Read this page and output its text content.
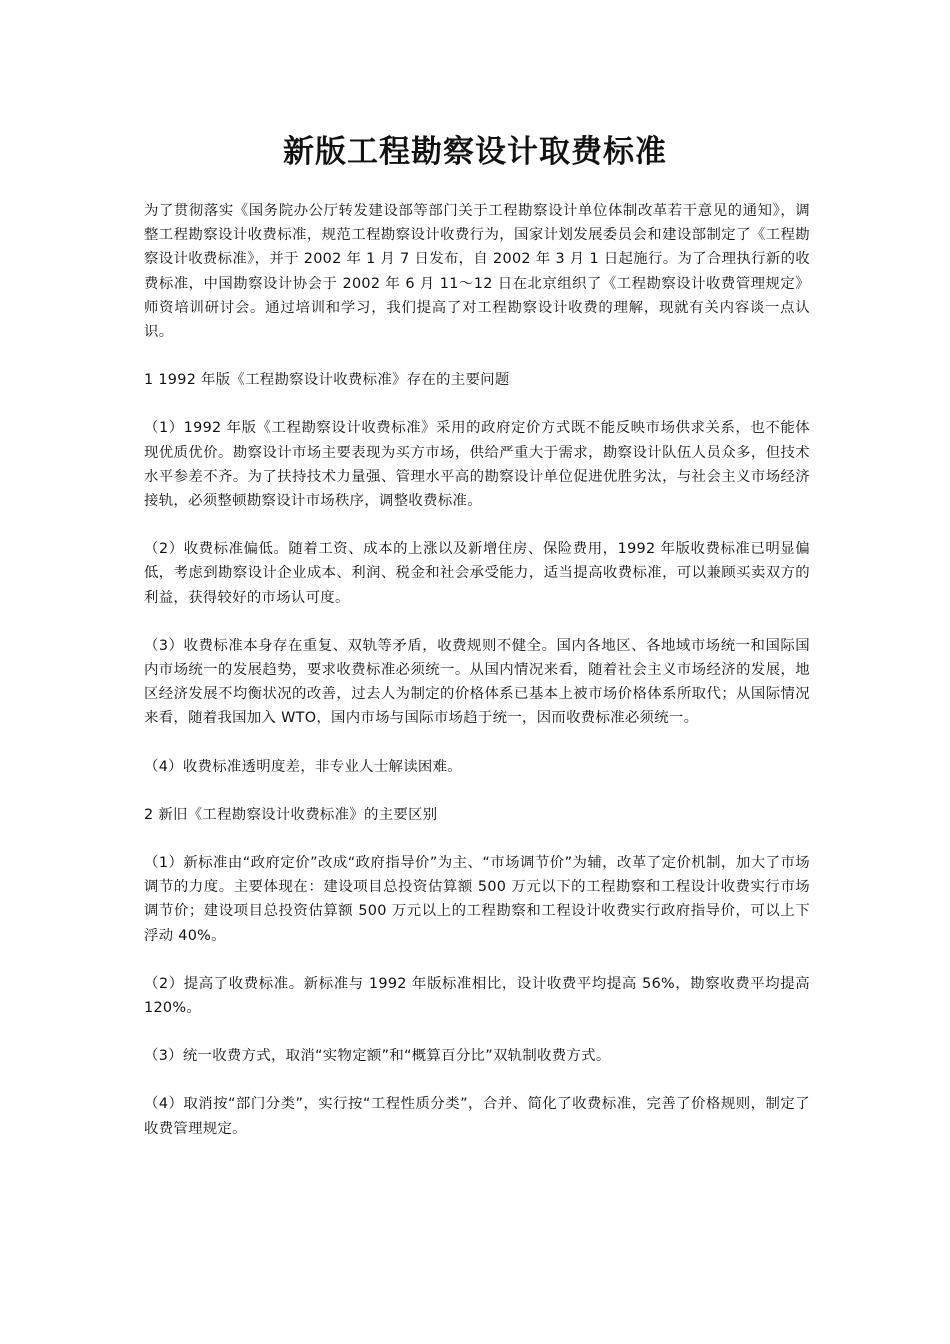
新版工程勘察设计取费标准

为了贯彻落实《国务院办公厅转发建设部等部门关于工程勘察设计单位体制改革若干意见的通知》，调整工程勘察设计收费标准，规范工程勘察设计收费行为，国家计划发展委员会和建设部制定了《工程勘察设计收费标准》，并于 2002 年 1 月 7 日发布，自 2002 年 3 月 1 日起施行。为了合理执行新的收费标准，中国勘察设计协会于 2002 年 6 月 11～12 日在北京组织了《工程勘察设计收费管理规定》师资培训研讨会。通过培训和学习，我们提高了对工程勘察设计收费的理解，现就有关内容谈一点认识。

1 1992 年版《工程勘察设计收费标准》存在的主要问题

（1）1992 年版《工程勘察设计收费标准》采用的政府定价方式既不能反映市场供求关系，也不能体现优质优价。勘察设计市场主要表现为买方市场，供给严重大于需求，勘察设计队伍人员众多，但技术水平参差不齐。为了扶持技术力量强、管理水平高的勘察设计单位促进优胜劣汰，与社会主义市场经济接轨，必须整顿勘察设计市场秩序，调整收费标准。

（2）收费标准偏低。随着工资、成本的上涨以及新增住房、保险费用，1992 年版收费标准已明显偏低，考虑到勘察设计企业成本、利润、税金和社会承受能力，适当提高收费标准，可以兼顾买卖双方的利益，获得较好的市场认可度。

（3）收费标准本身存在重复、双轨等矛盾，收费规则不健全。国内各地区、各地域市场统一和国际国内市场统一的发展趋势，要求收费标准必须统一。从国内情况来看，随着社会主义市场经济的发展，地区经济发展不均衡状况的改善，过去人为制定的价格体系已基本上被市场价格体系所取代；从国际情况来看，随着我国加入 WTO，国内市场与国际市场趋于统一，因而收费标准必须统一。

（4）收费标准透明度差，非专业人士解读困难。

2 新旧《工程勘察设计收费标准》的主要区别

（1）新标准由“政府定价”改成“政府指导价”为主、“市场调节价”为辅，改革了定价机制，加大了市场调节的力度。主要体现在：建设项目总投资估算额 500 万元以下的工程勘察和工程设计收费实行市场调节价；建设项目总投资估算额 500 万元以上的工程勘察和工程设计收费实行政府指导价，可以上下浮动 40%。

（2）提高了收费标准。新标准与 1992 年版标准相比，设计收费平均提高 56%，勘察收费平均提高 120%。

（3）统一收费方式，取消“实物定额”和“概算百分比”双轨制收费方式。

（4）取消按“部门分类”，实行按“工程性质分类”，合并、简化了收费标准，完善了价格规则，制定了收费管理规定。
